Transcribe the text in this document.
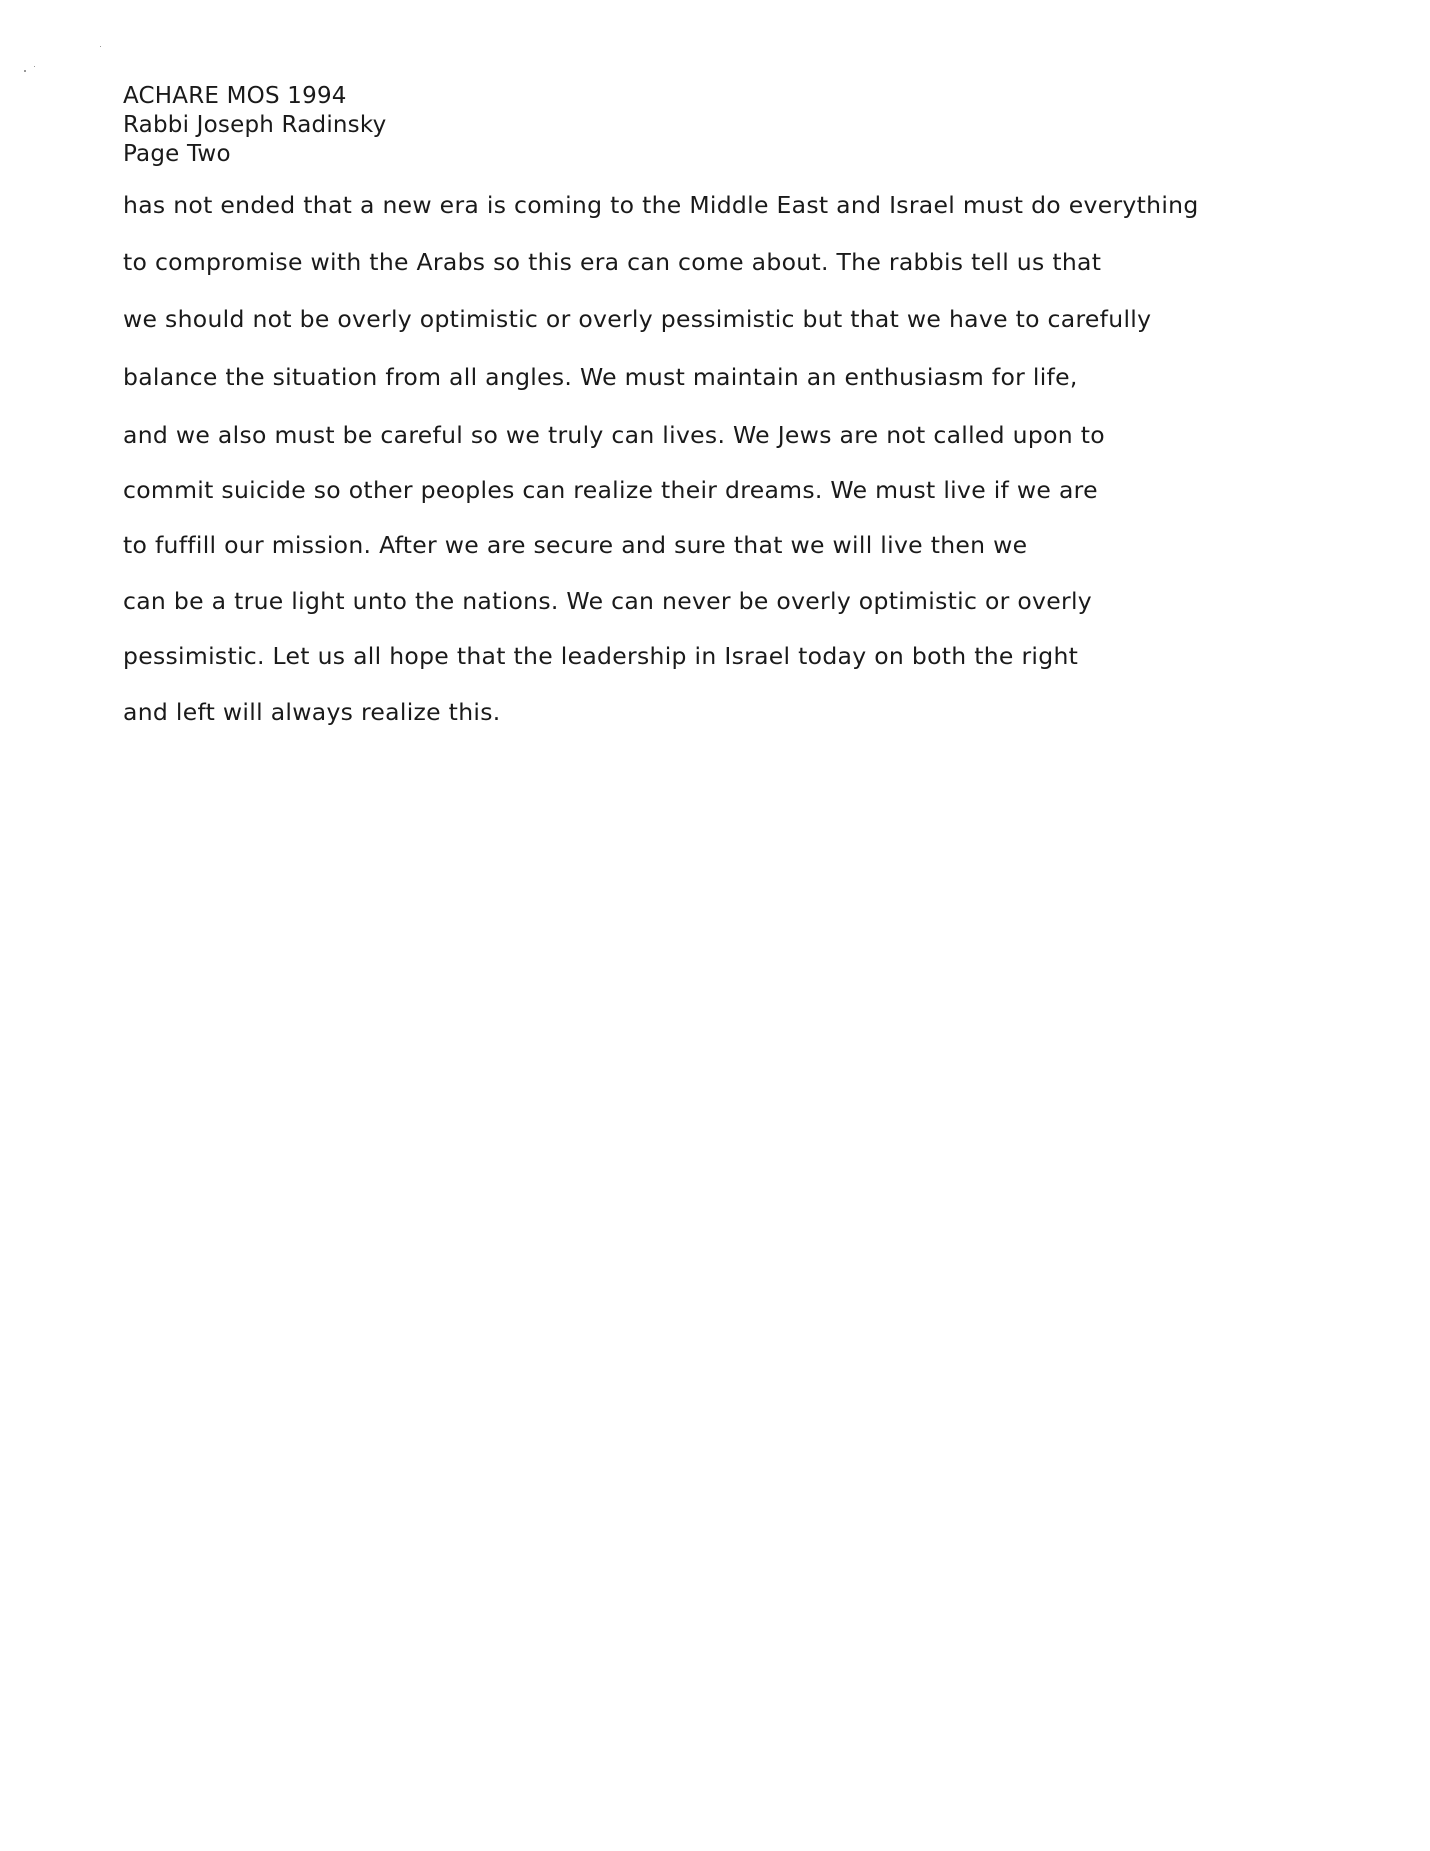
ACHARE MOS 1994
Rabbi Joseph Radinsky
Page Two
has not ended that a new era is coming to the Middle East and Israel must do everything
to compromise with the Arabs so this era can come about. The rabbis tell us that
we should not be overly optimistic or overly pessimistic but that we have to carefully
balance the situation from all angles. We must maintain an enthusiasm for life,
and we also must be careful so we truly can lives. We Jews are not called upon to
commit suicide so other peoples can realize their dreams. We must live if we are
to fuffill our mission. After we are secure and sure that we will live then we
can be a true light unto the nations. We can never be overly optimistic or overly
pessimistic. Let us all hope that the leadership in Israel today on both the right
and left will always realize this.
